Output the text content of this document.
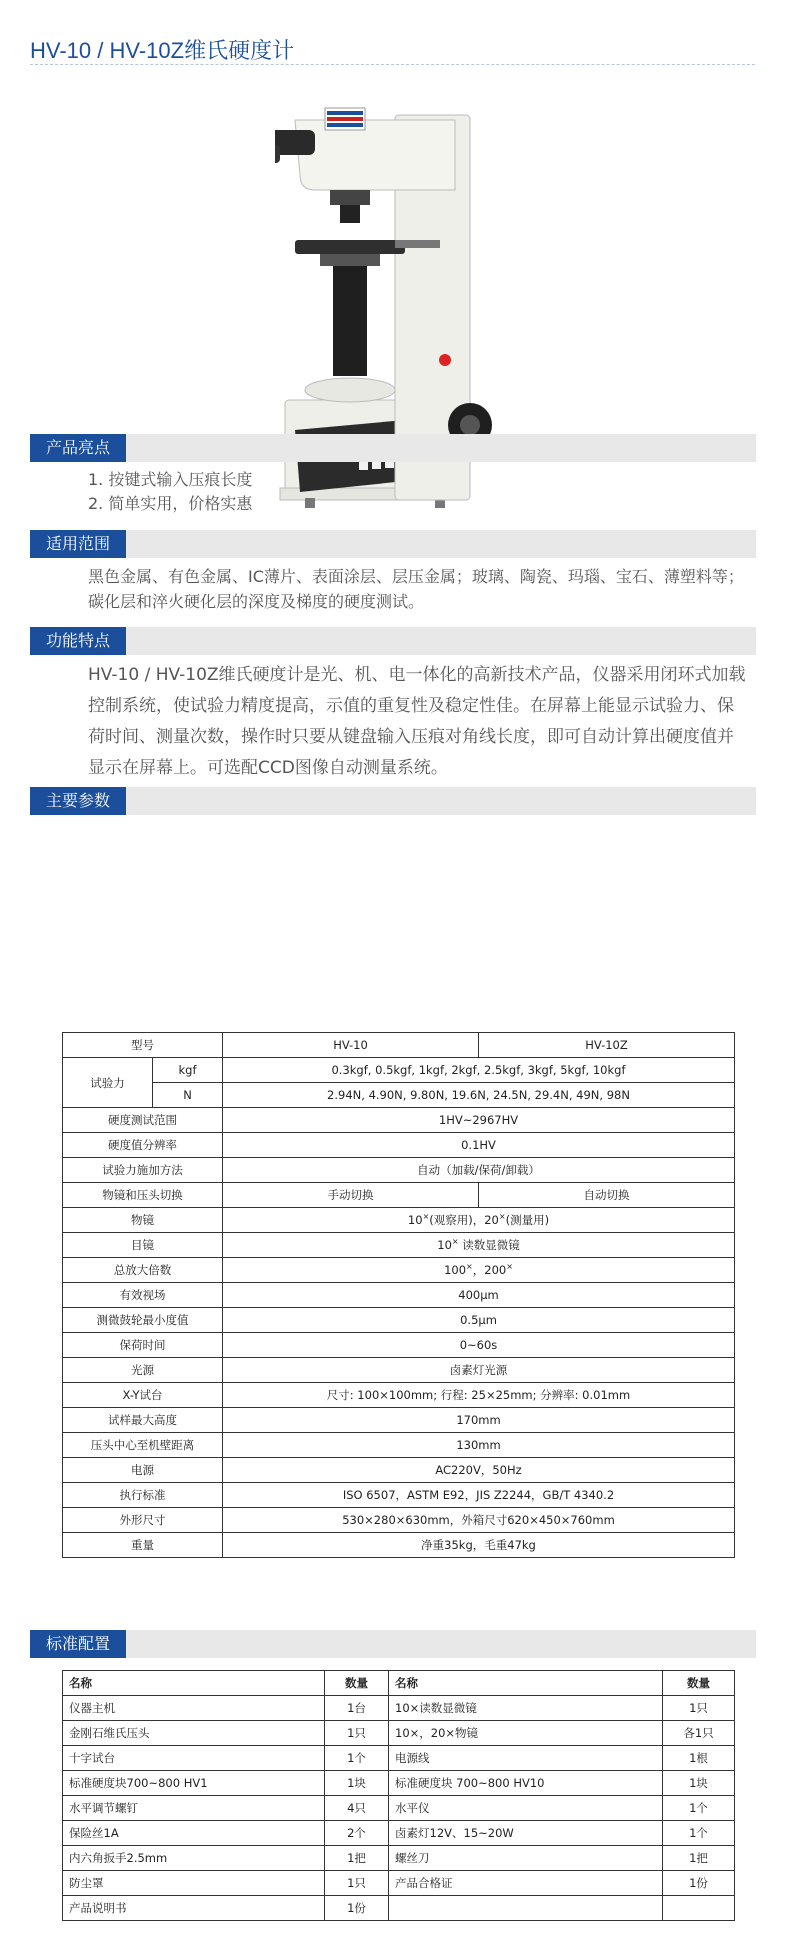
HV-10 / HV-10Z维氏硬度计
产品亮点

1. 按键式输入压痕长度

2. 简单实用，价格实惠

适用范围
黑色金属、有色金属、IC薄片、表面涂层、层压金属；玻璃、陶瓷、玛瑙、宝石、薄塑料等；碳化层和淬火硬化层的深度及梯度的硬度测试。
功能特点
HV-10 / HV-10Z维氏硬度计是光、机、电一体化的高新技术产品，仪器采用闭环式加载控制系统，使试验力精度提高，示值的重复性及稳定性佳。在屏幕上能显示试验力、保荷时间、测量次数，操作时只要从键盘输入压痕对角线长度，即可自动计算出硬度值并显示在屏幕上。可选配CCD图像自动测量系统。
主要参数
型号		HV-10	HV-10Z
试验力	kgf	0.3kgf, 0.5kgf, 1kgf, 2kgf, 2.5kgf, 3kgf, 5kgf, 10kgf	
	N	2.94N, 4.90N, 9.80N, 19.6N, 24.5N, 29.4N, 49N, 98N	
硬度测试范围		1HV~2967HV	
硬度值分辨率		0.1HV	
试验力施加方法		自动（加载/保荷/卸载）	
物镜和压头切换		手动切换	自动切换
物镜		10×(观察用)，20×(测量用)	
目镜		10× 读数显微镜	
总放大倍数		100×，200×
有效视场		400μm	
测微鼓轮最小度值		0.5μm	
保荷时间		0~60s	
光源		卤素灯光源	
X-Y试台		尺寸: 100×100mm; 行程: 25×25mm; 分辨率: 0.01mm	
试样最大高度		170mm	
压头中心至机壁距离		130mm	
电源		AC220V，50Hz	
执行标准		ISO 6507，ASTM E92，JIS Z2244，GB/T 4340.2	
外形尺寸		530×280×630mm，外箱尺寸620×450×760mm	
重量		净重35kg，毛重47kg	
标准配置
名称	数量	名称	数量
仪器主机	1台	10×读数显微镜	1只
金刚石维氏压头	1只	10×，20×物镜	各1只
十字试台	1个	电源线	1根
标准硬度块700~800 HV1	1块	标准硬度块 700~800 HV10	1块
水平调节螺钉	4只	水平仪	1个
保险丝1A	2个	卤素灯12V、15~20W	1个
内六角扳手2.5mm	1把	螺丝刀	1把
防尘罩	1只	产品合格证	1份
产品说明书	1份		
